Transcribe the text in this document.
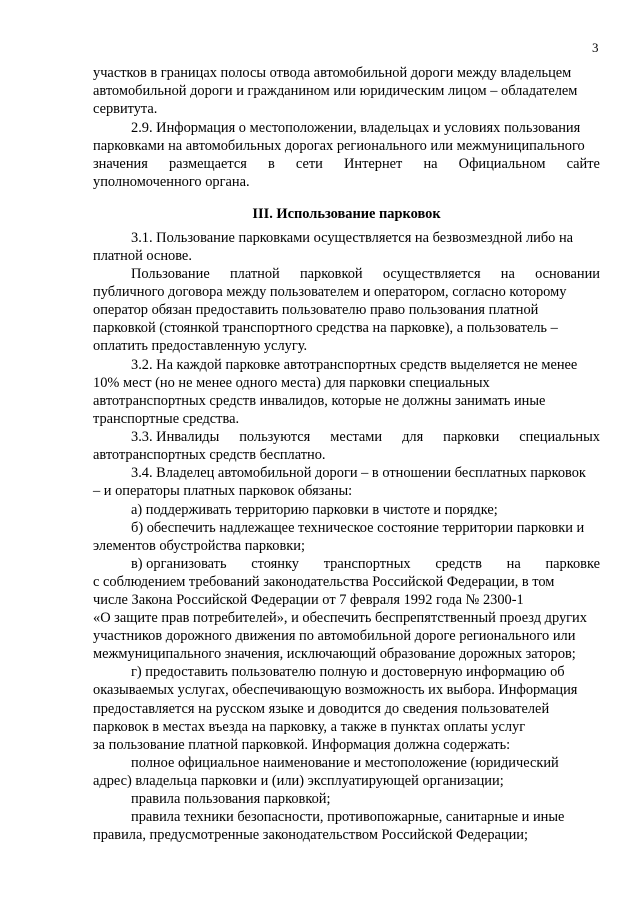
3
участков в границах полосы отвода автомобильной дороги между владельцем
автомобильной дороги и гражданином или юридическим лицом – обладателем
сервитута.
2.9. Информация о местоположении, владельцах и условиях пользования
парковками на автомобильных дорогах регионального или межмуниципального
значения размещается в сети Интернет на Официальном сайте
уполномоченного органа.
III. Использование парковок
3.1. Пользование парковками осуществляется на безвозмездной либо на
платной основе.
Пользование платной парковкой осуществляется на основании
публичного договора между пользователем и оператором, согласно которому
оператор обязан предоставить пользователю право пользования платной
парковкой (стоянкой транспортного средства на парковке), а пользователь –
оплатить предоставленную услугу.
3.2. На каждой парковке автотранспортных средств выделяется не менее
10% мест (но не менее одного места) для парковки специальных
автотранспортных средств инвалидов, которые не должны занимать иные
транспортные средства.
3.3. Инвалиды пользуются местами для парковки специальных
автотранспортных средств бесплатно.
3.4. Владелец автомобильной дороги – в отношении бесплатных парковок
– и операторы платных парковок обязаны:
а) поддерживать территорию парковки в чистоте и порядке;
б) обеспечить надлежащее техническое состояние территории парковки и
элементов обустройства парковки;
в) организовать стоянку транспортных средств на парковке
с соблюдением требований законодательства Российской Федерации, в том
числе Закона Российской Федерации от 7 февраля 1992 года № 2300-1
«О защите прав потребителей», и обеспечить беспрепятственный проезд других
участников дорожного движения по автомобильной дороге регионального или
межмуниципального значения, исключающий образование дорожных заторов;
г) предоставить пользователю полную и достоверную информацию об
оказываемых услугах, обеспечивающую возможность их выбора. Информация
предоставляется на русском языке и доводится до сведения пользователей
парковок в местах въезда на парковку, а также в пунктах оплаты услуг
за пользование платной парковкой. Информация должна содержать:
полное официальное наименование и местоположение (юридический
адрес) владельца парковки и (или) эксплуатирующей организации;
правила пользования парковкой;
правила техники безопасности, противопожарные, санитарные и иные
правила, предусмотренные законодательством Российской Федерации;
